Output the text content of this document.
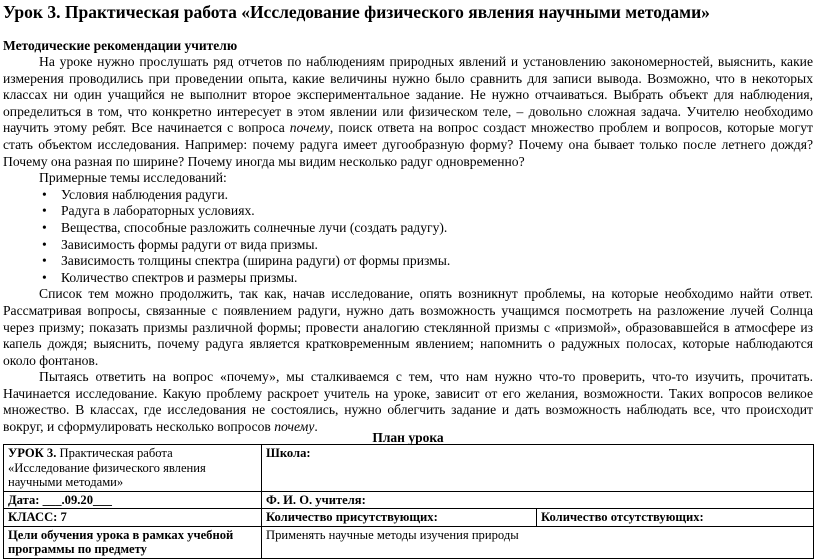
Урок 3. Практическая работа «Исследование физического явления научными методами»
Методические рекомендации учителю

На уроке нужно прослушать ряд отчетов по наблюдениям природных явлений и установлению закономерностей, выяснить, какие измерения проводились при проведении опыта, какие величины нужно было сравнить для записи вывода. Возможно, что в некоторых классах ни один учащийся не выполнит второе экспериментальное задание. Не нужно отчаиваться. Выбрать объект для наблюдения, определиться в том, что конкретно интересует в этом явлении или физическом теле, – довольно сложная задача. Учителю необходимо научить этому ребят. Все начинается с вопроса почему, поиск ответа на вопрос создаст множество проблем и вопросов, которые могут стать объектом исследования. Например: почему радуга имеет дугообразную форму? Почему она бывает только после летнего дождя? Почему она разная по ширине? Почему иногда мы видим несколько радуг одновременно?

Примерные темы исследований:
• Условия наблюдения радуги.
• Радуга в лабораторных условиях.
• Вещества, способные разложить солнечные лучи (создать радугу).
• Зависимость формы радуги от вида призмы.
• Зависимость толщины спектра (ширина радуги) от формы призмы.
• Количество спектров и размеры призмы.

Список тем можно продолжить, так как, начав исследование, опять возникнут проблемы, на которые необходимо найти ответ. Рассматривая вопросы, связанные с появлением радуги, нужно дать возможность учащимся посмотреть на разложение лучей Солнца через призму; показать призмы различной формы; провести аналогию стеклянной призмы с «призмой», образовавшейся в атмосфере из капель дождя; выяснить, почему радуга является кратковременным явлением; напомнить о радужных полосах, которые наблюдаются около фонтанов.

Пытаясь ответить на вопрос «почему», мы сталкиваемся с тем, что нам нужно что-то проверить, что-то изучить, прочитать. Начинается исследование. Какую проблему раскроет учитель на уроке, зависит от его желания, возможности. Таких вопросов великое множество. В классах, где исследования не состоялись, нужно облегчить задание и дать возможность наблюдать все, что происходит вокруг, и сформулировать несколько вопросов почему.

План урока
УРОК 3. Практическая работа «Исследование физического явления научными методами»	Школа:	
Дата: ___.09.20___	Ф. И. О. учителя:	
КЛАСС: 7	Количество присутствующих:	Количество отсутствующих:
Цели обучения урока в рамках учебной программы по предмету	Применять научные методы изучения природы	
